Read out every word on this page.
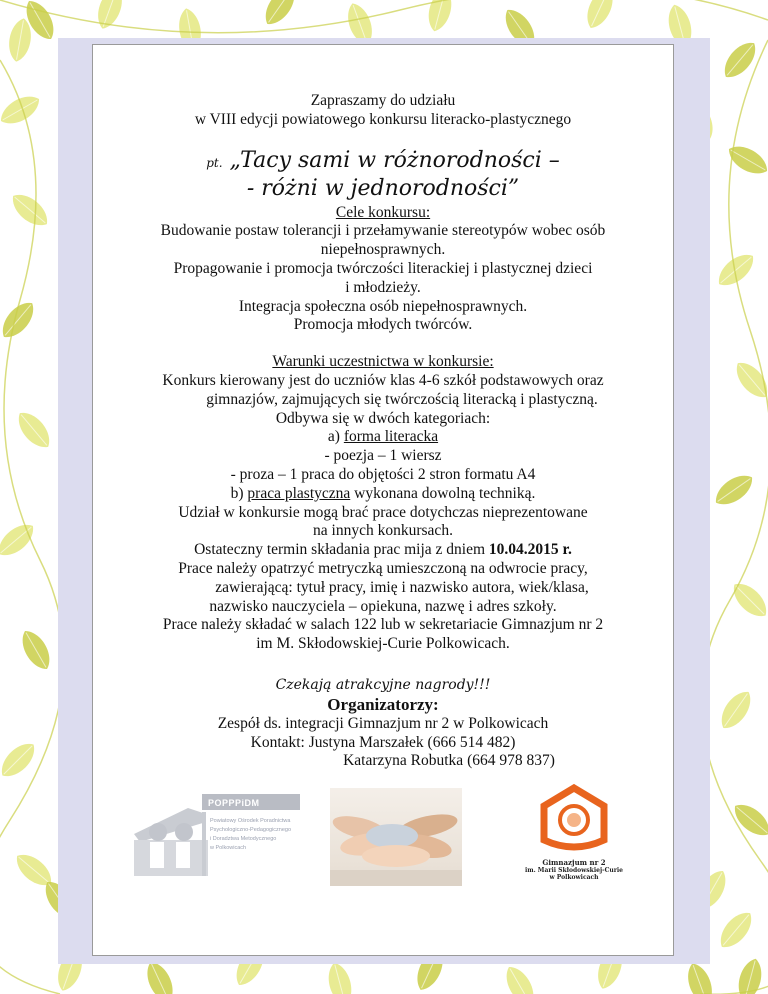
Zapraszamy do udziału
w VIII edycji powiatowego konkursu literacko-plastycznego
pt. „Tacy sami w różnorodności –
- różni w jednorodności”
Cele konkursu:
Budowanie postaw tolerancji i przełamywanie stereotypów wobec osób
niepełnosprawnych.
Propagowanie i promocja twórczości literackiej i plastycznej dzieci
i młodzieży.
Integracja społeczna osób niepełnosprawnych.
Promocja młodych twórców.
Warunki uczestnictwa w konkursie:
Konkurs kierowany jest do uczniów klas 4-6 szkół podstawowych oraz
gimnazjów, zajmujących się twórczością literacką i plastyczną.
Odbywa się w dwóch kategoriach:
a) forma literacka
- poezja – 1 wiersz
- proza – 1 praca do objętości 2 stron formatu A4
b) praca plastyczna wykonana dowolną techniką.
Udział w konkursie mogą brać prace dotychczas nieprezentowane
na innych konkursach.
Ostateczny termin składania prac mija z dniem 10.04.2015 r.
Prace należy opatrzyć metryczką umieszczoną na odwrocie pracy,
zawierającą: tytuł pracy, imię i nazwisko autora, wiek/klasa,
nazwisko nauczyciela – opiekuna, nazwę i adres szkoły.
Prace należy składać w salach 122 lub w sekretariacie Gimnazjum nr 2
im M. Skłodowskiej-Curie Polkowicach.
Czekają atrakcyjne nagrody!!!
Organizatorzy:
Zespół ds. integracji Gimnazjum nr 2 w Polkowicach
Kontakt: Justyna Marszałek (666 514 482)
Katarzyna Robutka (664 978 837)
POPPPiDM
Powiatowy Ośrodek Poradnictwa
Psychologiczno-Pedagogicznego
i Doradztwa Metodycznego
w Polkowicach
Gimnazjum nr 2
im. Marii Skłodowskiej-Curie
w Polkowicach
